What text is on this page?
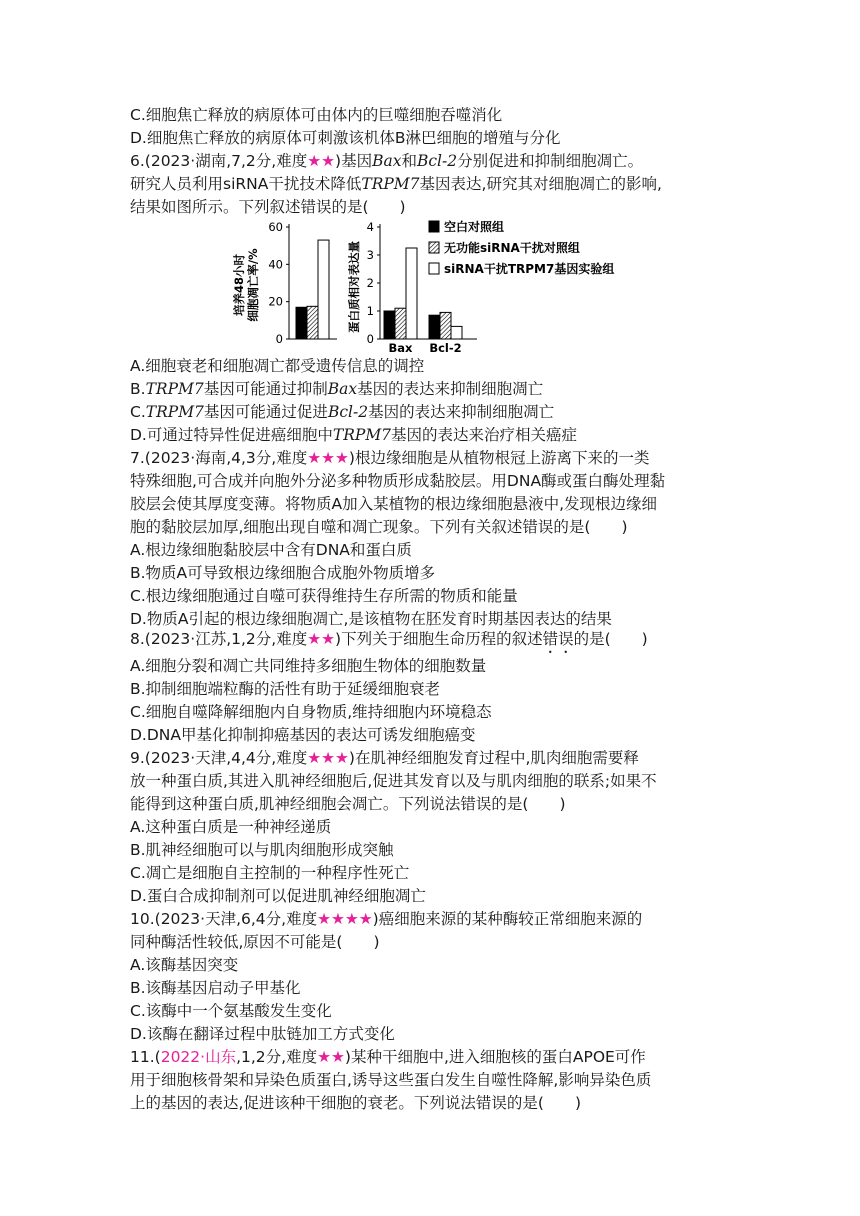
C.细胞焦亡释放的病原体可由体内的巨噬细胞吞噬消化
D.细胞焦亡释放的病原体可刺激该机体B淋巴细胞的增殖与分化
6.(2023·湖南,7,2分,难度★★)基因Bax和Bcl-2分别促进和抑制细胞凋亡。
研究人员利用siRNA干扰技术降低TRPM7基因表达,研究其对细胞凋亡的影响,
结果如图所示。下列叙述错误的是(　　)
培养48小时 细胞凋亡率/%
0
20
40
60
蛋白质相对表达量
0
1
2
3
4
Bax Bcl-2
空白对照组
无功能siRNA干扰对照组
siRNA干扰TRPM7基因实验组
A.细胞衰老和细胞凋亡都受遗传信息的调控
B.TRPM7基因可能通过抑制Bax基因的表达来抑制细胞凋亡
C.TRPM7基因可能通过促进Bcl-2基因的表达来抑制细胞凋亡
D.可通过特异性促进癌细胞中TRPM7基因的表达来治疗相关癌症
7.(2023·海南,4,3分,难度★★★)根边缘细胞是从植物根冠上游离下来的一类
特殊细胞,可合成并向胞外分泌多种物质形成黏胶层。用DNA酶或蛋白酶处理黏
胶层会使其厚度变薄。将物质A加入某植物的根边缘细胞悬液中,发现根边缘细
胞的黏胶层加厚,细胞出现自噬和凋亡现象。下列有关叙述错误的是(　　)
A.根边缘细胞黏胶层中含有DNA和蛋白质
B.物质A可导致根边缘细胞合成胞外物质增多
C.根边缘细胞通过自噬可获得维持生存所需的物质和能量
D.物质A引起的根边缘细胞凋亡,是该植物在胚发育时期基因表达的结果
8.(2023·江苏,1,2分,难度★★)下列关于细胞生命历程的叙述错误的是(　　)
A.细胞分裂和凋亡共同维持多细胞生物体的细胞数量
B.抑制细胞端粒酶的活性有助于延缓细胞衰老
C.细胞自噬降解细胞内自身物质,维持细胞内环境稳态
D.DNA甲基化抑制抑癌基因的表达可诱发细胞癌变
9.(2023·天津,4,4分,难度★★★)在肌神经细胞发育过程中,肌肉细胞需要释
放一种蛋白质,其进入肌神经细胞后,促进其发育以及与肌肉细胞的联系;如果不
能得到这种蛋白质,肌神经细胞会凋亡。下列说法错误的是(　　)
A.这种蛋白质是一种神经递质
B.肌神经细胞可以与肌肉细胞形成突触
C.凋亡是细胞自主控制的一种程序性死亡
D.蛋白合成抑制剂可以促进肌神经细胞凋亡
10.(2023·天津,6,4分,难度★★★★)癌细胞来源的某种酶较正常细胞来源的
同种酶活性较低,原因不可能是(　　)
A.该酶基因突变
B.该酶基因启动子甲基化
C.该酶中一个氨基酸发生变化
D.该酶在翻译过程中肽链加工方式变化
11.(2022·山东,1,2分,难度★★)某种干细胞中,进入细胞核的蛋白APOE可作
用于细胞核骨架和异染色质蛋白,诱导这些蛋白发生自噬性降解,影响异染色质
上的基因的表达,促进该种干细胞的衰老。下列说法错误的是(　　)
